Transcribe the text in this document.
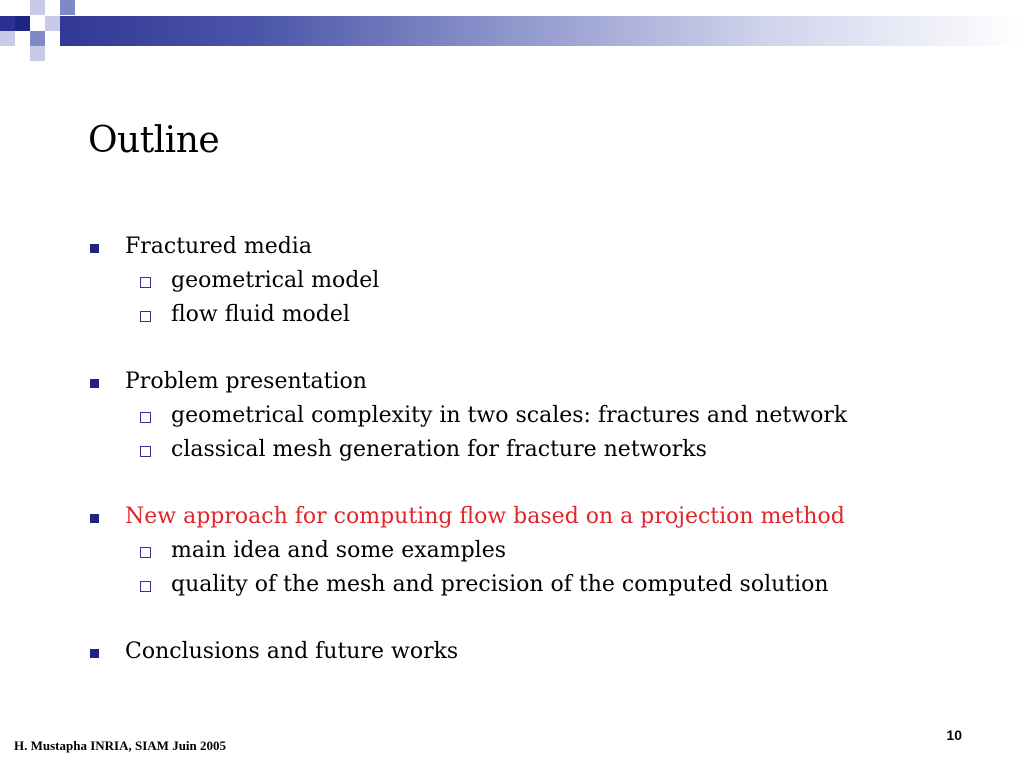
Outline
Fractured media
geometrical model
flow fluid model
Problem presentation
geometrical complexity in two scales: fractures and network
classical mesh generation for fracture networks
New approach for computing flow based on a projection method
main idea and some examples
quality of the mesh and precision of the computed solution
Conclusions and future works
H. Mustapha INRIA, SIAM Juin 2005
10
